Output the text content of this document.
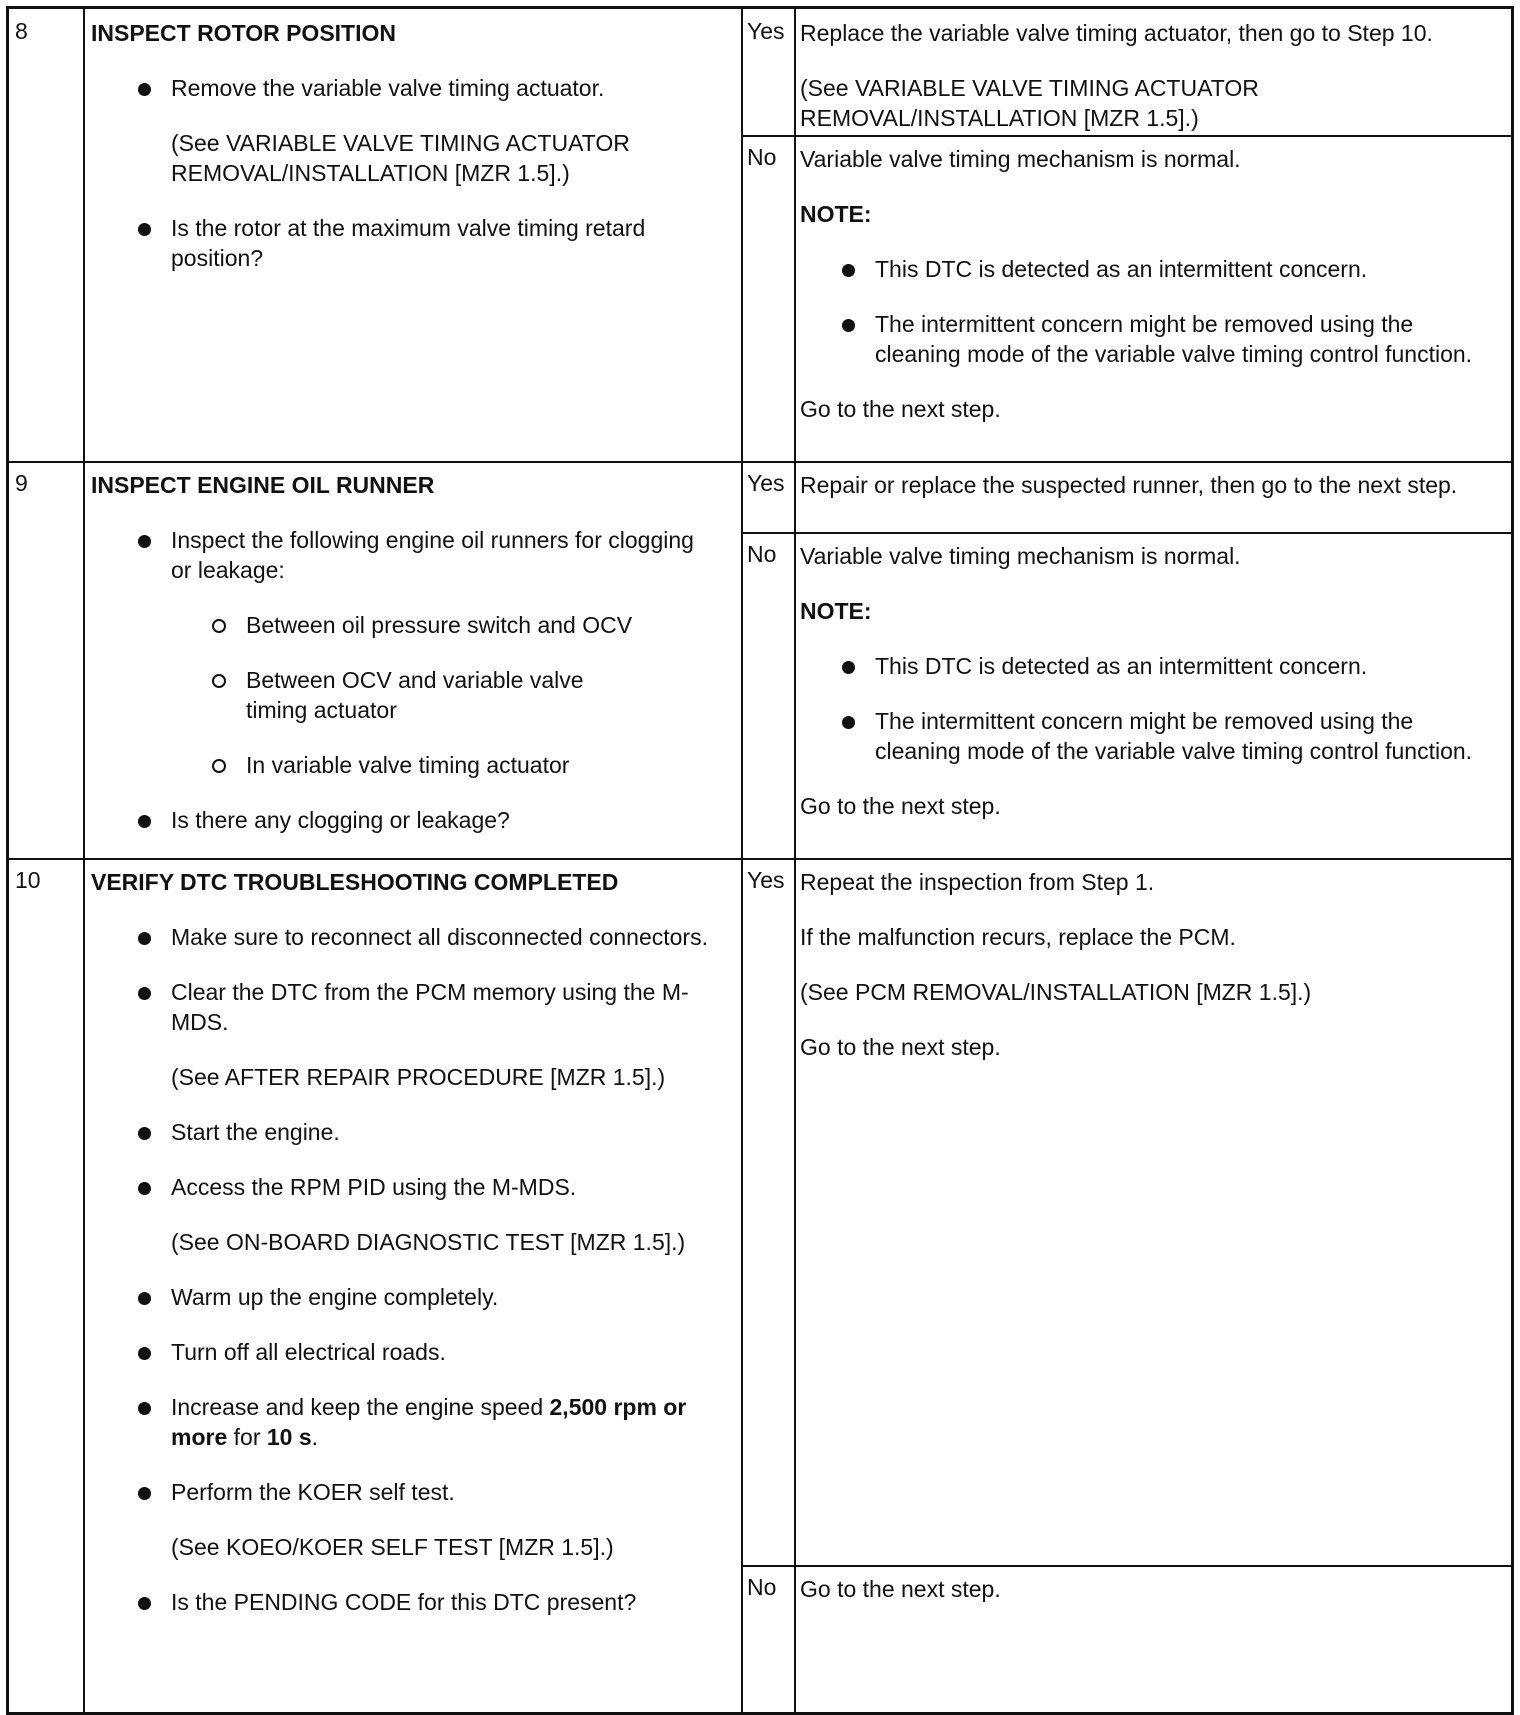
8	INSPECT ROTOR POSITION
Remove the variable valve timing actuator.
(See VARIABLE VALVE TIMING ACTUATOR REMOVAL/INSTALLATION [MZR 1.5].)
Is the rotor at the maximum valve timing retard position?
Yes Replace the variable valve timing actuator, then go to Step 10.

(See VARIABLE VALVE TIMING ACTUATOR REMOVAL/INSTALLATION [MZR 1.5].)

No Variable valve timing mechanism is normal.

NOTE:

This DTC is detected as an intermittent concern.
The intermittent concern might be removed using the cleaning mode of the variable valve timing control function.

Go to the next step.

9	INSPECT ENGINE OIL RUNNER
Inspect the following engine oil runners for clogging or leakage:
Between oil pressure switch and OCV
Between OCV and variable valve timing actuator
In variable valve timing actuator
Is there any clogging or leakage?
Yes Repair or replace the suspected runner, then go to the next step.

No Variable valve timing mechanism is normal.

NOTE:

This DTC is detected as an intermittent concern.
The intermittent concern might be removed using the cleaning mode of the variable valve timing control function.

Go to the next step.

10 VERIFY DTC TROUBLESHOOTING COMPLETED
Make sure to reconnect all disconnected connectors.
Clear the DTC from the PCM memory using the M-MDS.
(See AFTER REPAIR PROCEDURE [MZR 1.5].)
Start the engine.
Access the RPM PID using the M-MDS.
(See ON-BOARD DIAGNOSTIC TEST [MZR 1.5].)
Warm up the engine completely.
Turn off all electrical roads.
Increase and keep the engine speed 2,500 rpm or more for 10 s.
Perform the KOER self test.
(See KOEO/KOER SELF TEST [MZR 1.5].)
Is the PENDING CODE for this DTC present?
Yes Repeat the inspection from Step 1.

If the malfunction recurs, replace the PCM.

(See PCM REMOVAL/INSTALLATION [MZR 1.5].)

Go to the next step.

No Go to the next step.
